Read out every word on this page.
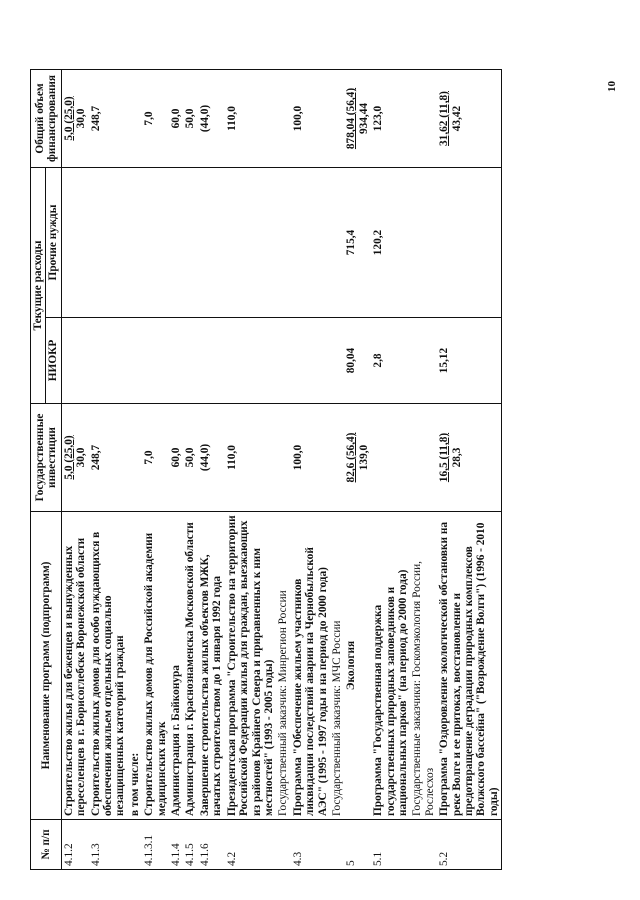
10
№ п/п	Наименование программ (подпрограмм)	Государственные инвестиции	Текущие расходы		Общий объем финансирования
			НИОКР	Прочие нужды	
4.1.2	Строительство жилья для беженцев и вынужденных переселенцев в г. Борисоглебске Воронежской области	5,0 (25,0) 30,0			5,0 (25,0) 30,0

4.1.3	Строительство жилых домов для особо нуждающихся в обеспечении жильем отдельных социально незащищенных категорий граждан	248,7			248,7

	в том числе:	

4.1.3.1	Строительство жилых домов для Российской академии медицинских наук	7,0			7,0

4.1.4	Администрация г. Байконура	60,0			60,0

4.1.5	Администрация г. Краснознаменска Московской области	50,0			50,0

4.1.6	Завершение строительства жилых объектов МЖК, начатых строительством до 1 января 1992 года	(44,0)			(44,0)

4.2	Президентская программа "Строительство на территории Российской Федерации жилья для граждан, выезжающих из районов Крайнего Севера и приравненных к ним местностей" (1993 - 2005 годы)	110,0			110,0

	Государственный заказчик: Минрегион России	

4.3	Программа "Обеспечение жильем участников ликвидации последствий аварии на Чернобыльской АЭС" (1995 - 1997 годы и на период до 2000 года)	100,0			100,0

	Государственный заказчик: МЧС России	

5	Экология	82,6 (56,4) 139,0	80,04	715,4	878,04 (56,4) 934,44

5.1	Программа "Государственная поддержка государственных природных заповедников и национальных парков" (на период до 2000 года)		2,8	120,2	123,0

	Государственные заказчики: Госкомэкология России, Рослесхоз	

5.2	Программа "Оздоровление экологической обстановки на реке Волге и ее притоках, восстановление и предотвращение деградации природных комплексов Волжского бассейна" ("Возрождение Волги") (1996 - 2010 годы)	16,5 (11,8) 28,3	15,12		31,62 (11,8) 43,42
